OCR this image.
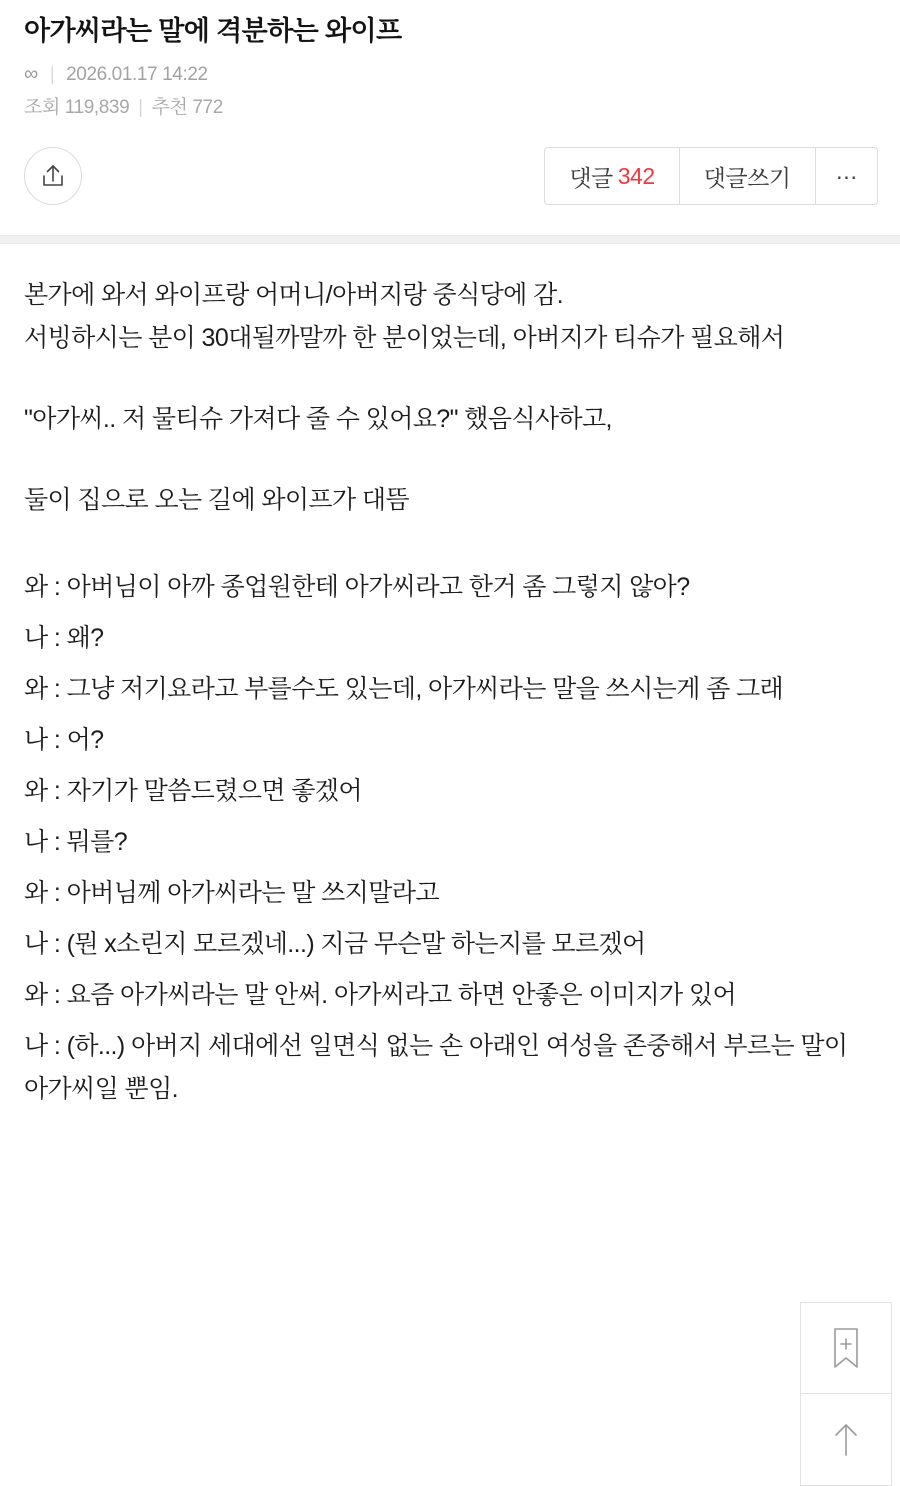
아가씨라는 말에 격분하는 와이프
∞ | 2026.01.17 14:22
조회 119,839 | 추천 772
댓글 342 댓글쓰기 ···

본가에 와서 와이프랑 어머니/아버지랑 중식당에 감.

서빙하시는 분이 30대될까말까 한 분이었는데, 아버지가 티슈가 필요해서

"아가씨.. 저 물티슈 가져다 줄 수 있어요?" 했음식사하고,

둘이 집으로 오는 길에 와이프가 대뜸

와 : 아버님이 아까 종업원한테 아가씨라고 한거 좀 그렇지 않아?

나 : 왜?

와 : 그냥 저기요라고 부를수도 있는데, 아가씨라는 말을 쓰시는게 좀 그래

나 : 어?

와 : 자기가 말씀드렸으면 좋겠어

나 : 뭐를?

와 : 아버님께 아가씨라는 말 쓰지말라고

나 : (뭔 x소린지 모르겠네...) 지금 무슨말 하는지를 모르겠어

와 : 요즘 아가씨라는 말 안써. 아가씨라고 하면 안좋은 이미지가 있어

나 : (하...) 아버지 세대에선 일면식 없는 손 아래인 여성을 존중해서 부르는 말이 아가씨일 뿐임.
